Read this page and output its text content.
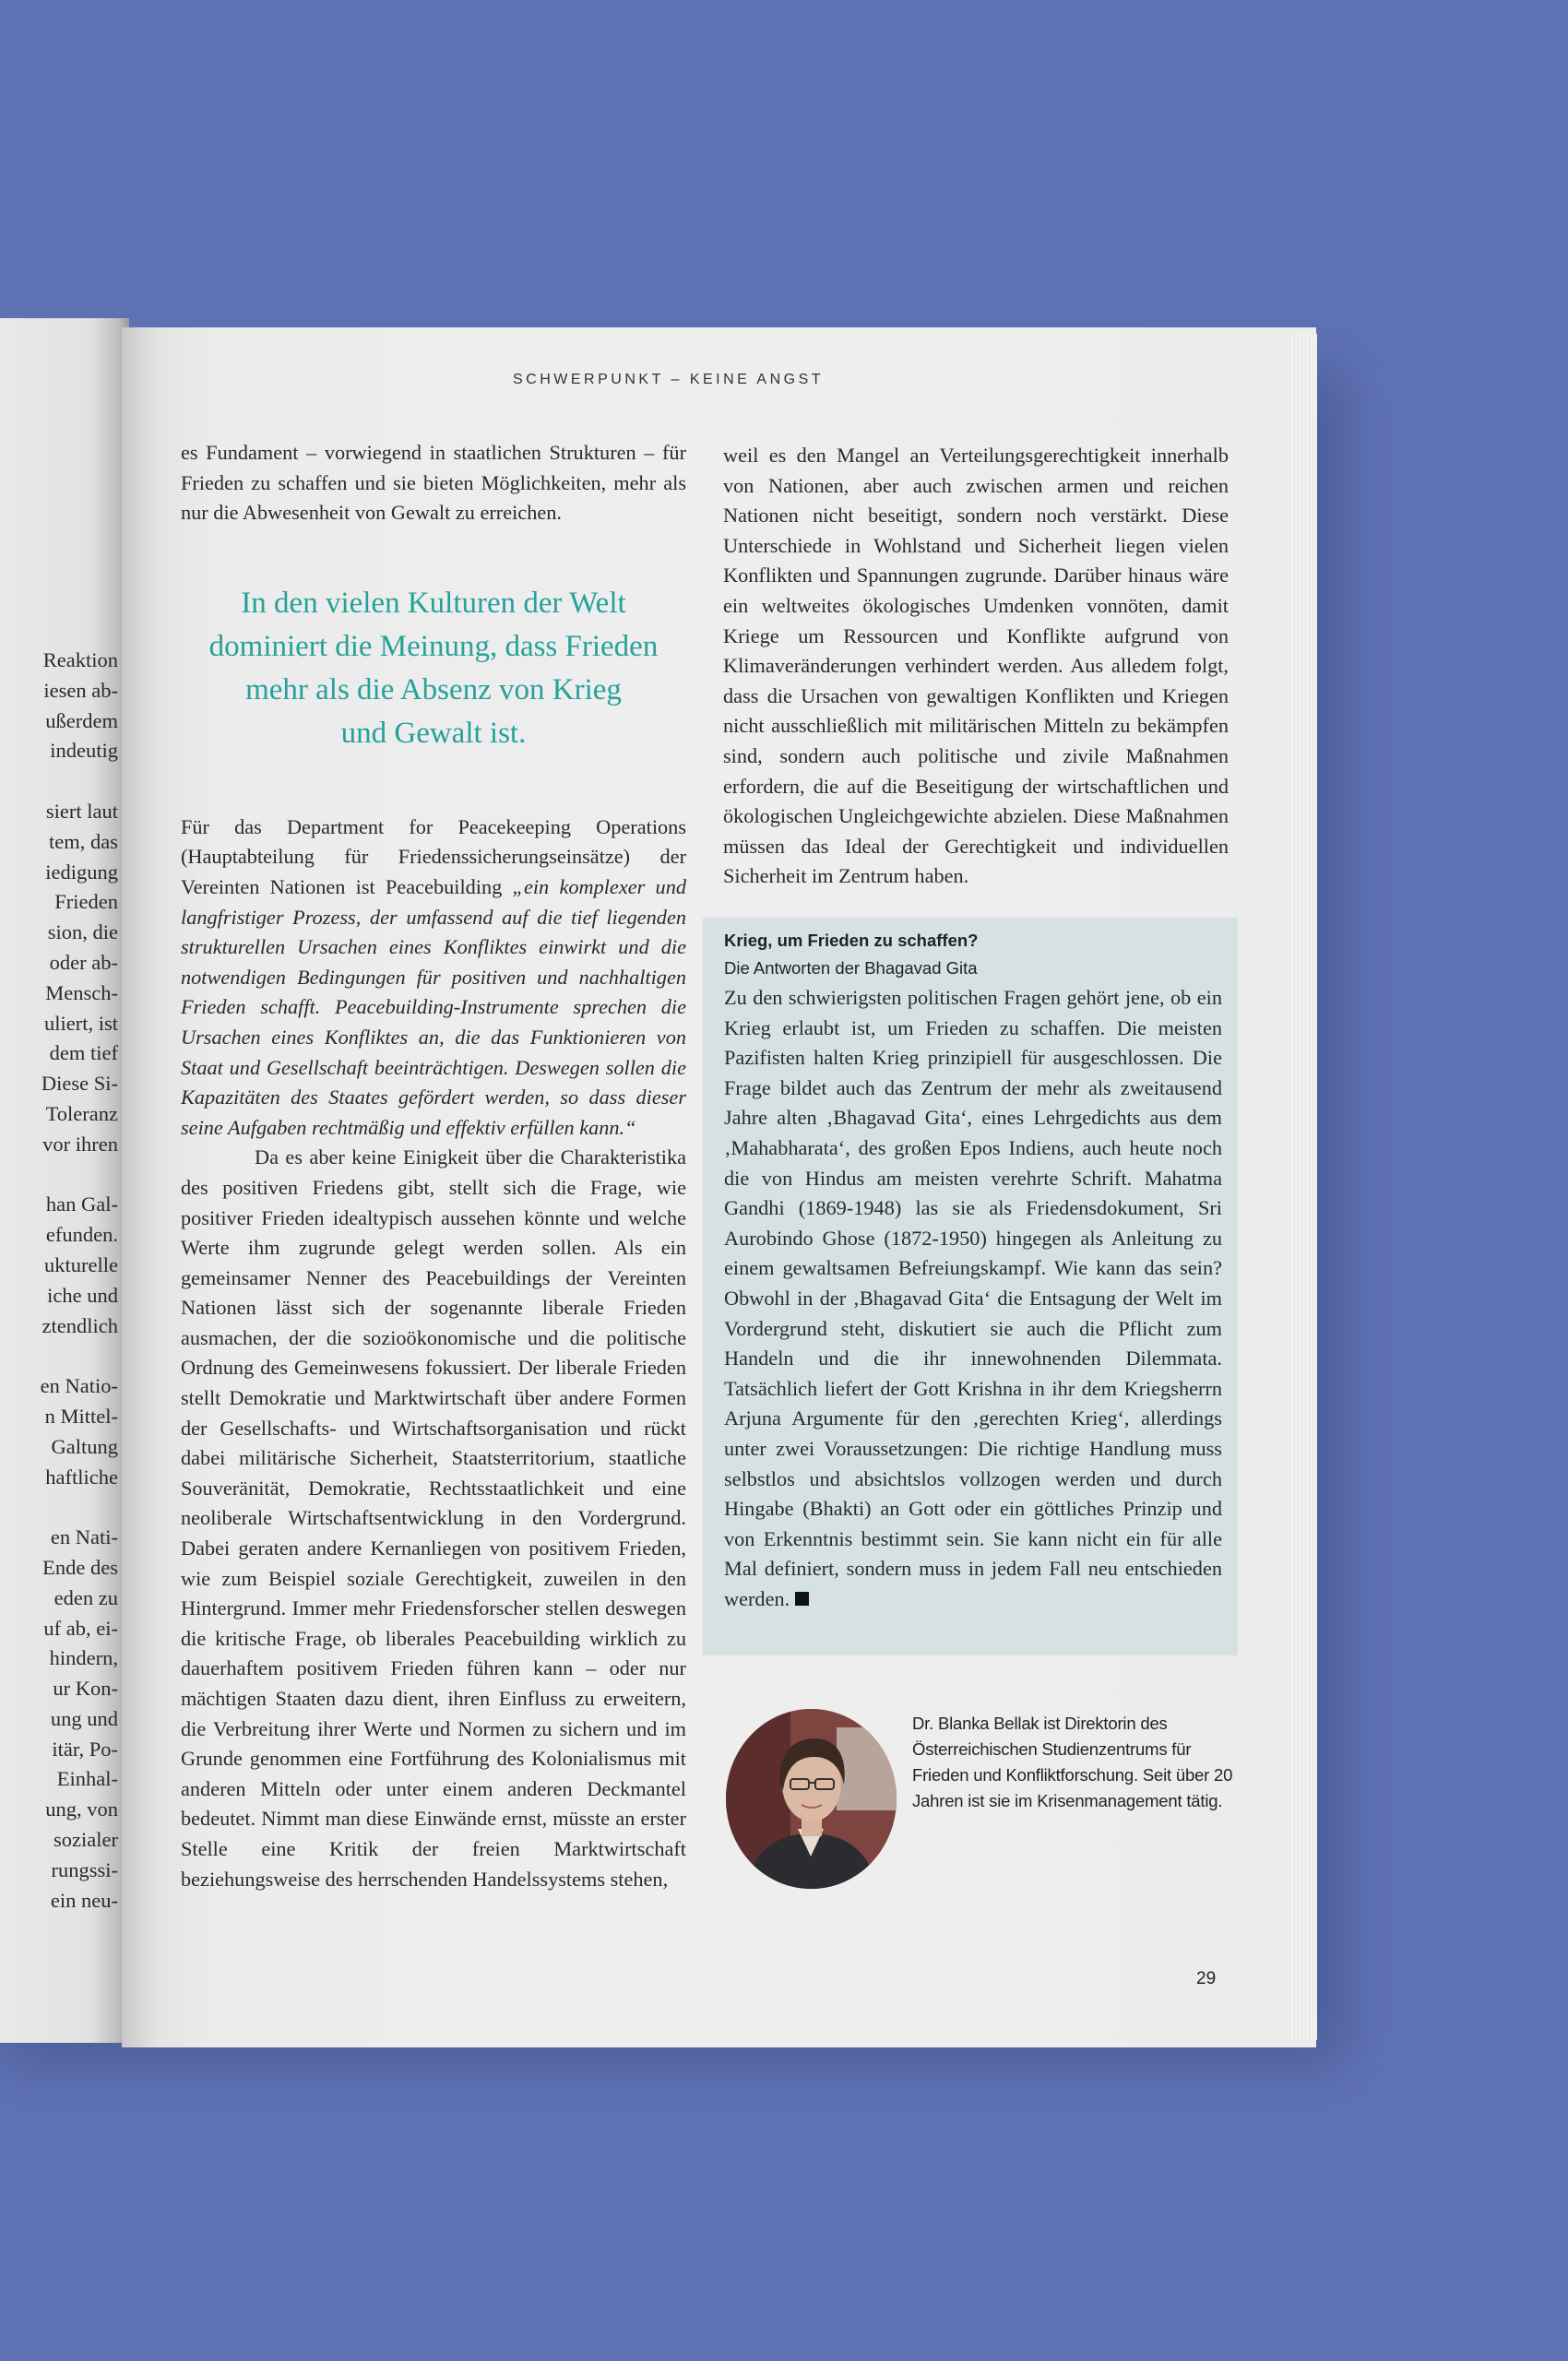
Reaktion
iesen ab-
ußerdem
indeutig
siert laut
tem, das
iedigung
Frieden
sion, die
oder ab-
Mensch-
uliert, ist
dem tief
Diese Si-
Toleranz
vor ihren
han Gal-
efunden.
ukturelle
iche und
ztendlich
en Natio-
n Mittel-
Galtung
haftliche
en Nati-
Ende des
eden zu
uf ab, ei-
hindern,
ur Kon-
ung und
itär, Po-
Einhal-
ung, von
sozialer
rungssi-
ein neu-

SCHWERPUNKT – KEINE ANGST

es Fundament – vorwiegend in staatlichen Strukturen – für Frieden zu schaffen und sie bieten Möglichkeiten, mehr als nur die Abwesenheit von Gewalt zu erreichen.

In den vielen Kulturen der Welt
dominiert die Meinung, dass Frieden
mehr als die Absenz von Krieg
und Gewalt ist.

Für das Department for Peacekeeping Operations (Hauptabteilung für Friedenssicherungseinsätze) der Vereinten Nationen ist Peacebuilding „ein komplexer und langfristiger Prozess, der umfassend auf die tief liegenden strukturellen Ursachen eines Konfliktes einwirkt und die notwendigen Bedingungen für positiven und nachhaltigen Frieden schafft. Peacebuilding-Instrumente sprechen die Ursachen eines Konfliktes an, die das Funktionieren von Staat und Gesellschaft beeinträchtigen. Deswegen sollen die Kapazitäten des Staates gefördert werden, so dass dieser seine Aufgaben rechtmäßig und effektiv erfüllen kann.“

Da es aber keine Einigkeit über die Charakteristika des positiven Friedens gibt, stellt sich die Frage, wie positiver Frieden idealtypisch aussehen könnte und welche Werte ihm zugrunde gelegt werden sollen. Als ein gemeinsamer Nenner des Peacebuildings der Vereinten Nationen lässt sich der sogenannte liberale Frieden ausmachen, der die sozioökonomische und die politische Ordnung des Gemeinwesens fokussiert. Der liberale Frieden stellt Demokratie und Marktwirtschaft über andere Formen der Gesellschafts- und Wirtschaftsorganisation und rückt dabei militärische Sicherheit, Staatsterritorium, staatliche Souveränität, Demokratie, Rechtsstaatlichkeit und eine neoliberale Wirtschaftsentwicklung in den Vordergrund. Dabei geraten andere Kernanliegen von positivem Frieden, wie zum Beispiel soziale Gerechtigkeit, zuweilen in den Hintergrund. Immer mehr Friedensforscher stellen deswegen die kritische Frage, ob liberales Peacebuilding wirklich zu dauerhaftem positivem Frieden führen kann – oder nur mächtigen Staaten dazu dient, ihren Einfluss zu erweitern, die Verbreitung ihrer Werte und Normen zu sichern und im Grunde genommen eine Fortführung des Kolonialismus mit anderen Mitteln oder unter einem anderen Deckmantel bedeutet. Nimmt man diese Einwände ernst, müsste an erster Stelle eine Kritik der freien Marktwirtschaft beziehungsweise des herrschenden Handelssystems stehen,

weil es den Mangel an Verteilungsgerechtigkeit innerhalb von Nationen, aber auch zwischen armen und reichen Nationen nicht beseitigt, sondern noch verstärkt. Diese Unterschiede in Wohlstand und Sicherheit liegen vielen Konflikten und Spannungen zugrunde. Darüber hinaus wäre ein weltweites ökologisches Umdenken vonnöten, damit Kriege um Ressourcen und Konflikte aufgrund von Klimaveränderungen verhindert werden. Aus alledem folgt, dass die Ursachen von gewaltigen Konflikten und Kriegen nicht ausschließlich mit militärischen Mitteln zu bekämpfen sind, sondern auch politische und zivile Maßnahmen erfordern, die auf die Beseitigung der wirtschaftlichen und ökologischen Ungleichgewichte abzielen. Diese Maßnahmen müssen das Ideal der Gerechtigkeit und individuellen Sicherheit im Zentrum haben.

Krieg, um Frieden zu schaffen?

Die Antworten der Bhagavad Gita

Zu den schwierigsten politischen Fragen gehört jene, ob ein Krieg erlaubt ist, um Frieden zu schaffen. Die meisten Pazifisten halten Krieg prinzipiell für ausgeschlossen. Die Frage bildet auch das Zentrum der mehr als zweitausend Jahre alten ‚Bhagavad Gita‘, eines Lehrgedichts aus dem ‚Mahabharata‘, des großen Epos Indiens, auch heute noch die von Hindus am meisten verehrte Schrift. Mahatma Gandhi (1869-1948) las sie als Friedensdokument, Sri Aurobindo Ghose (1872-1950) hingegen als Anleitung zu einem gewaltsamen Befreiungskampf. Wie kann das sein? Obwohl in der ‚Bhagavad Gita‘ die Entsagung der Welt im Vordergrund steht, diskutiert sie auch die Pflicht zum Handeln und die ihr innewohnenden Dilemmata. Tatsächlich liefert der Gott Krishna in ihr dem Kriegsherrn Arjuna Argumente für den ‚gerechten Krieg‘, allerdings unter zwei Voraussetzungen: Die richtige Handlung muss selbstlos und absichtslos vollzogen werden und durch Hingabe (Bhakti) an Gott oder ein göttliches Prinzip und von Erkenntnis bestimmt sein. Sie kann nicht ein für alle Mal definiert, sondern muss in jedem Fall neu entschieden werden.

Dr. Blanka Bellak ist Direktorin des Österreichischen Studienzentrums für Frieden und Konfliktforschung. Seit über 20 Jahren ist sie im Krisenmanagement tätig.

29
